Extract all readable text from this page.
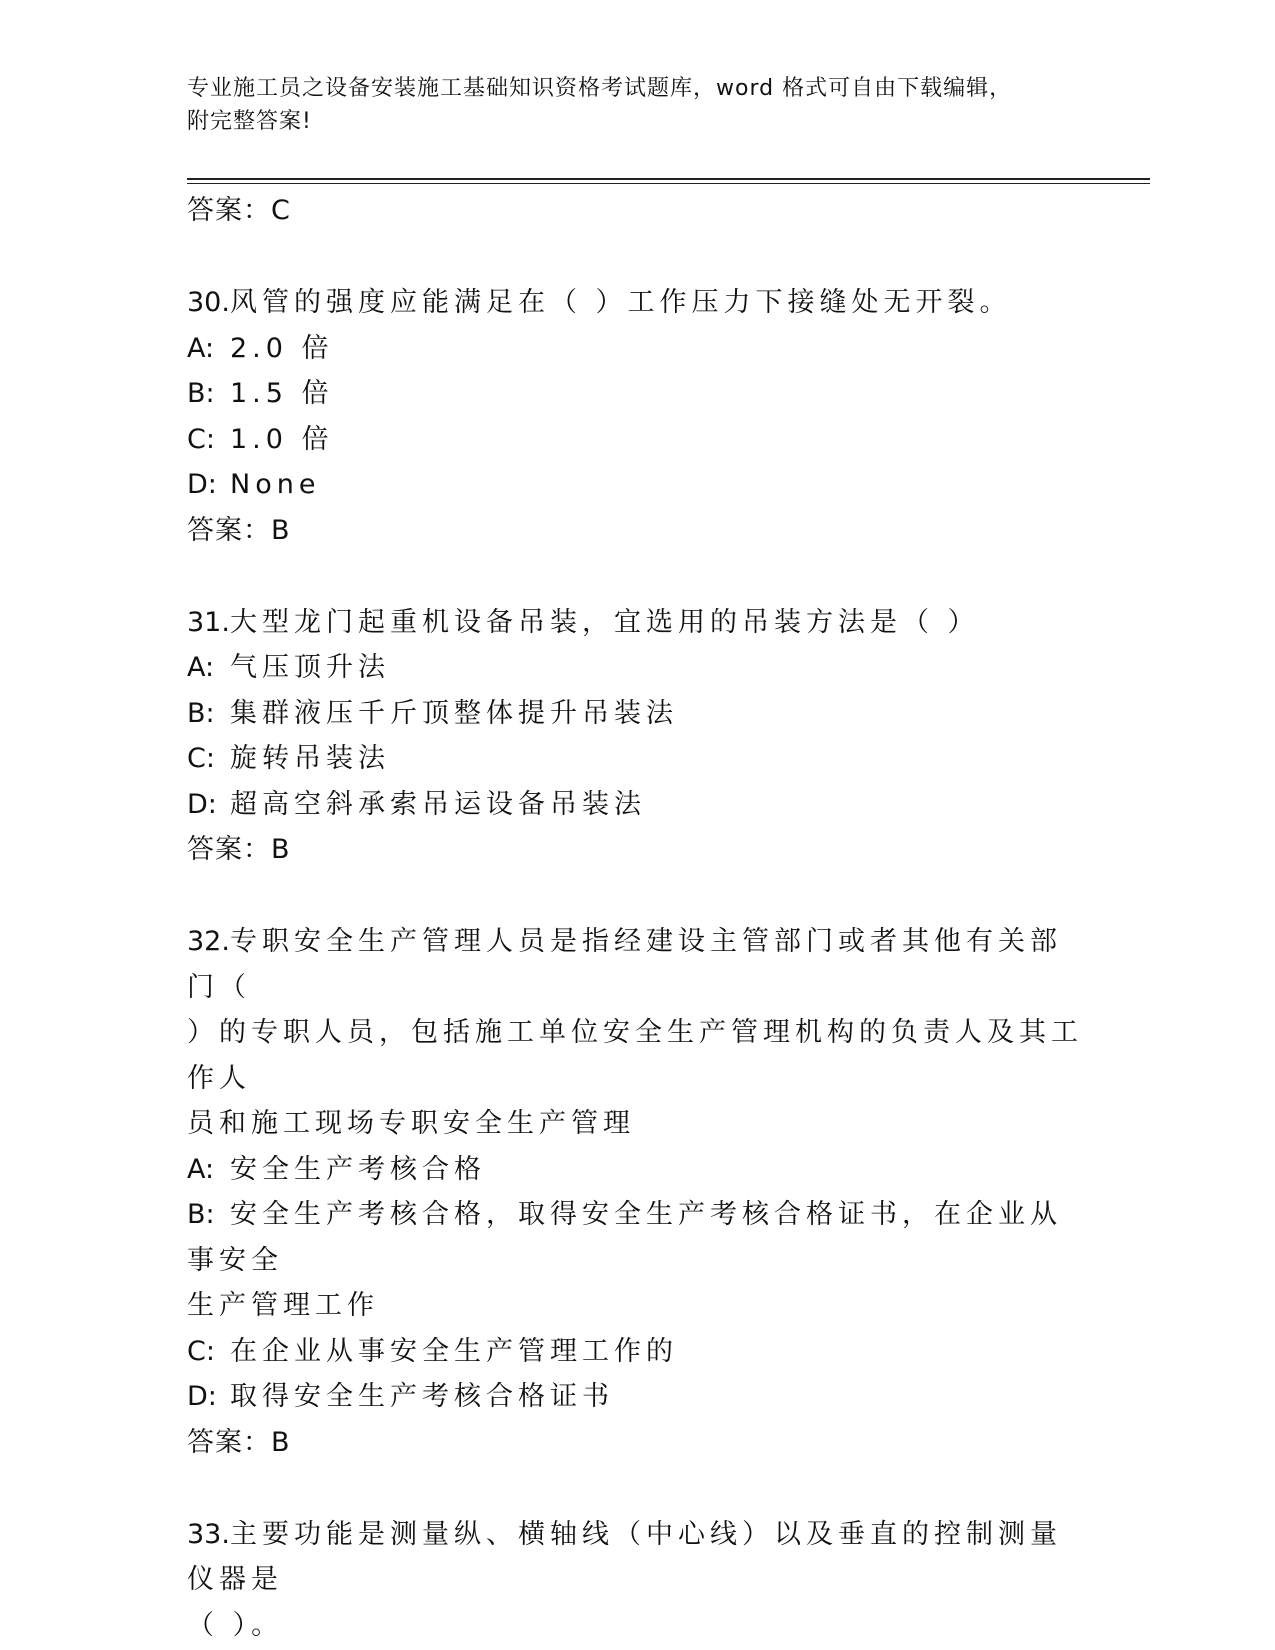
专业施工员之设备安装施工基础知识资格考试题库，word 格式可自由下载编辑，
附完整答案!
答案：C
30.风管的强度应能满足在（ ）工作压力下接缝处无开裂。
A: 2.0 倍
B: 1.5 倍
C: 1.0 倍
D: None
答案：B
31.大型龙门起重机设备吊装，宜选用的吊装方法是（ ）
A: 气压顶升法
B: 集群液压千斤顶整体提升吊装法
C: 旋转吊装法
D: 超高空斜承索吊运设备吊装法
答案：B
32.专职安全生产管理人员是指经建设主管部门或者其他有关部门（
）的专职人员，包括施工单位安全生产管理机构的负责人及其工作人
员和施工现场专职安全生产管理
A: 安全生产考核合格
B: 安全生产考核合格，取得安全生产考核合格证书，在企业从事安全
生产管理工作
C: 在企业从事安全生产管理工作的
D: 取得安全生产考核合格证书
答案：B
33.主要功能是测量纵、横轴线（中心线）以及垂直的控制测量仪器是
（ ）。
